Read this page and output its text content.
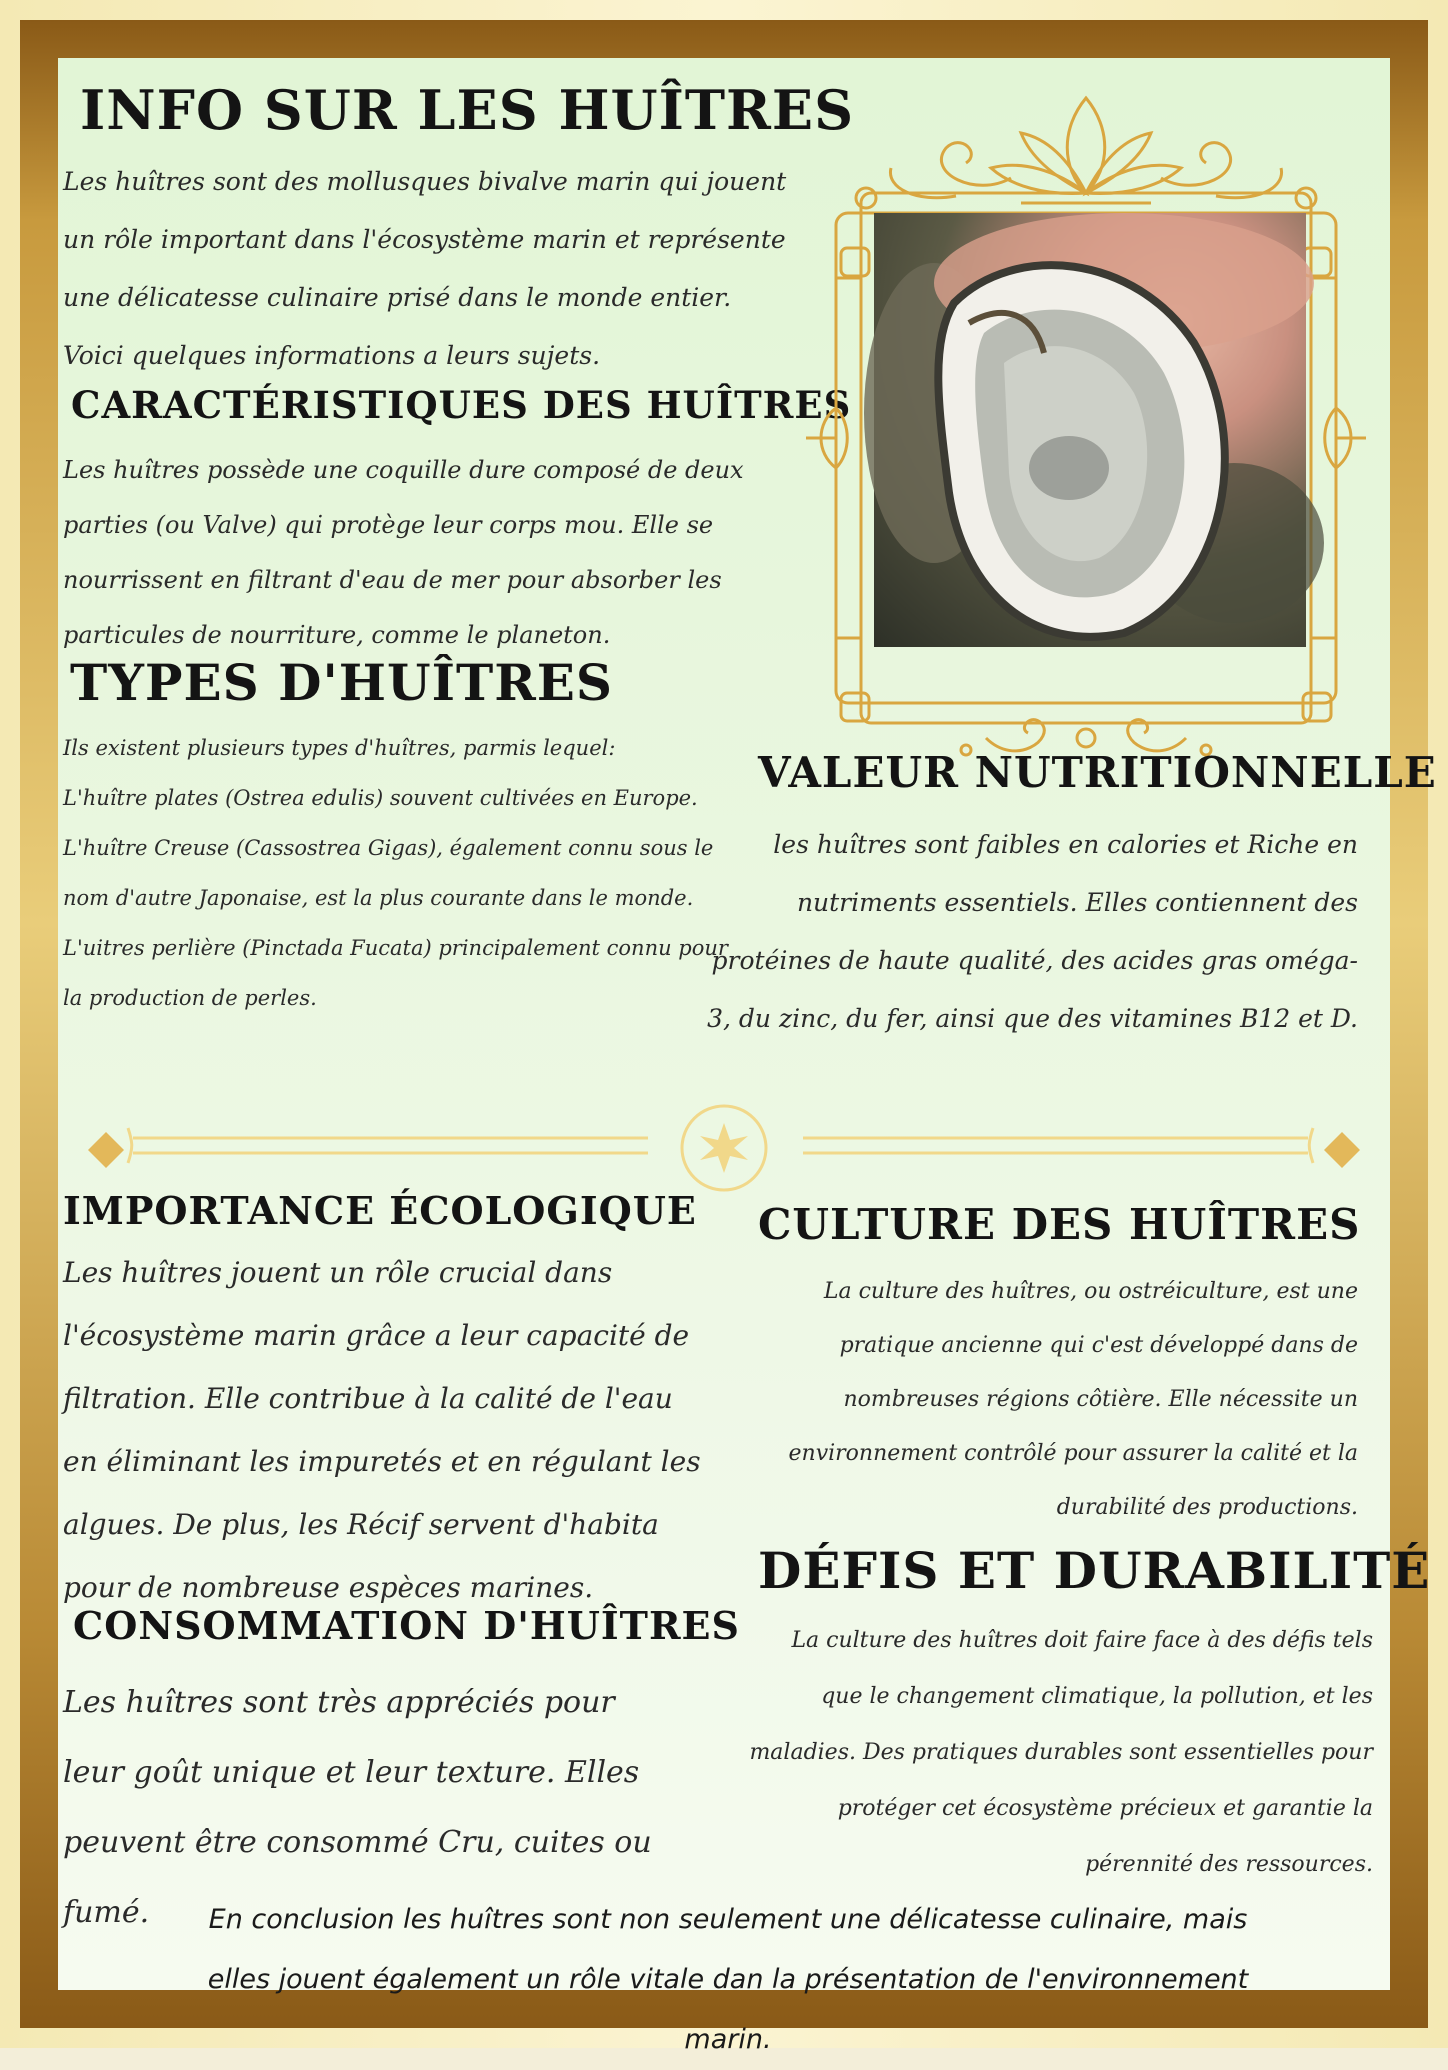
INFO SUR LES HUÎTRES

Les huîtres sont des mollusques bivalve marin qui jouent un rôle important dans l'écosystème marin et représente une délicatesse culinaire prisé dans le monde entier. Voici quelques informations a leurs sujets.

CARACTÉRISTIQUES DES HUÎTRES

Les huîtres possède une coquille dure composé de deux parties (ou Valve) qui protège leur corps mou. Elle se nourrissent en filtrant d'eau de mer pour absorber les particules de nourriture, comme le planeton.

TYPES D'HUÎTRES

Ils existent plusieurs types d'huîtres, parmis lequel:

L'huître plates (Ostrea edulis) souvent cultivées en Europe.

L'huître Creuse (Cassostrea Gigas), également connu sous le nom d'autre Japonaise, est la plus courante dans le monde.

L'uitres perlière (Pinctada Fucata) principalement connu pour la production de perles.

VALEUR NUTRITIONNELLE

les huîtres sont faibles en calories et Riche en nutriments essentiels. Elles contiennent des protéines de haute qualité, des acides gras oméga-3, du zinc, du fer, ainsi que des vitamines B12 et D.

IMPORTANCE ÉCOLOGIQUE

Les huîtres jouent un rôle crucial dans l'écosystème marin grâce a leur capacité de filtration. Elle contribue à la calité de l'eau en éliminant les impuretés et en régulant les algues. De plus, les Récif servent d'habita pour de nombreuse espèces marines.

CULTURE DES HUÎTRES

La culture des huîtres, ou ostréiculture, est une pratique ancienne qui c'est développé dans de nombreuses régions côtière. Elle nécessite un environnement contrôlé pour assurer la calité et la durabilité des productions.

CONSOMMATION D'HUÎTRES

Les huîtres sont très appréciés pour leur goût unique et leur texture. Elles peuvent être consommé Cru, cuites ou fumé.

DÉFIS ET DURABILITÉ

La culture des huîtres doit faire face à des défis tels que le changement climatique, la pollution, et les maladies. Des pratiques durables sont essentielles pour protéger cet écosystème précieux et garantie la pérennité des ressources.

En conclusion les huîtres sont non seulement une délicatesse culinaire, mais elles jouent également un rôle vitale dan la présentation de l'environnement marin.
